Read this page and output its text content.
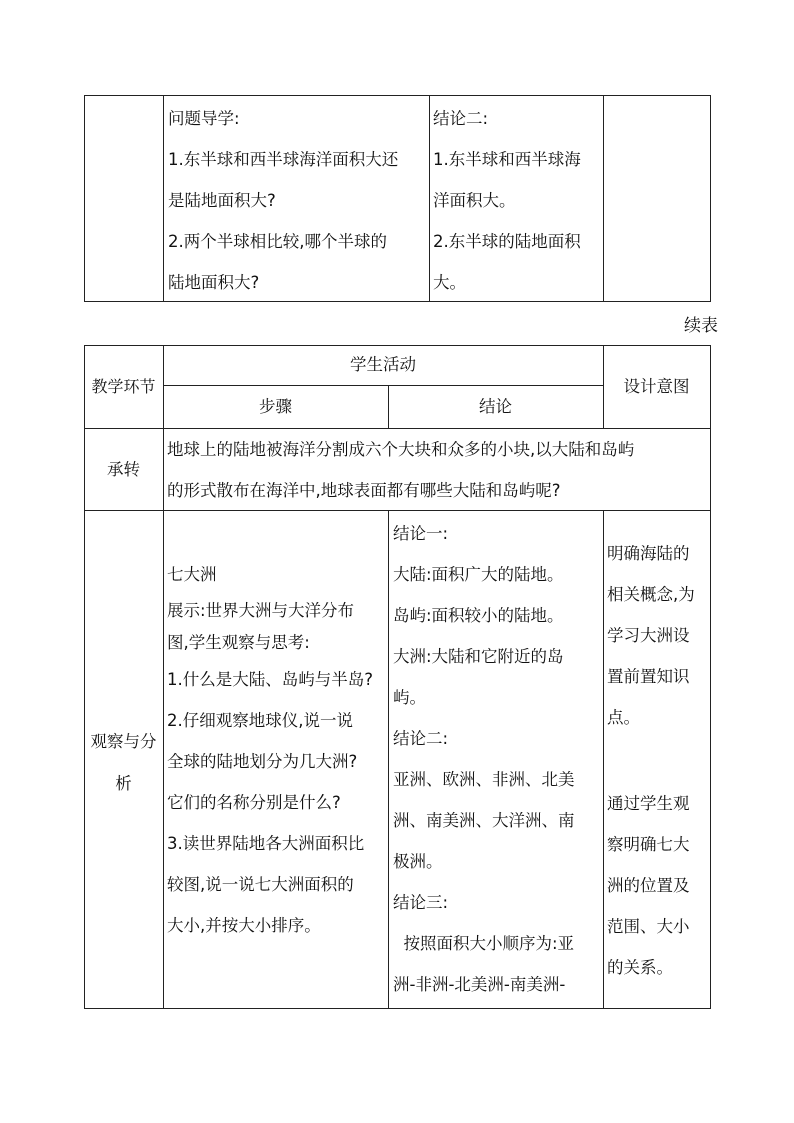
问题导学:
1.东半球和西半球海洋面积大还
是陆地面积大?
2.两个半球相比较,哪个半球的
陆地面积大?
结论二:
1.东半球和西半球海
洋面积大。
2.东半球的陆地面积
大。
续表
教学环节
学生活动
步骤	结论
设计意图
承转
地球上的陆地被海洋分割成六个大块和众多的小块,以大陆和岛屿
的形式散布在海洋中,地球表面都有哪些大陆和岛屿呢?
观察与分
析
七大洲
展示:世界大洲与大洋分布
图,学生观察与思考:
1.什么是大陆、岛屿与半岛?
2.仔细观察地球仪,说一说
全球的陆地划分为几大洲?
它们的名称分别是什么?
3.读世界陆地各大洲面积比
较图,说一说七大洲面积的
大小,并按大小排序。
结论一:
大陆:面积广大的陆地。
岛屿:面积较小的陆地。
大洲:大陆和它附近的岛
屿。
结论二:
亚洲、欧洲、非洲、北美
洲、南美洲、大洋洲、南
极洲。
结论三:
按照面积大小顺序为:亚
洲-非洲-北美洲-南美洲-
明确海陆的
相关概念,为
学习大洲设
置前置知识
点。
通过学生观
察明确七大
洲的位置及
范围、大小
的关系。
